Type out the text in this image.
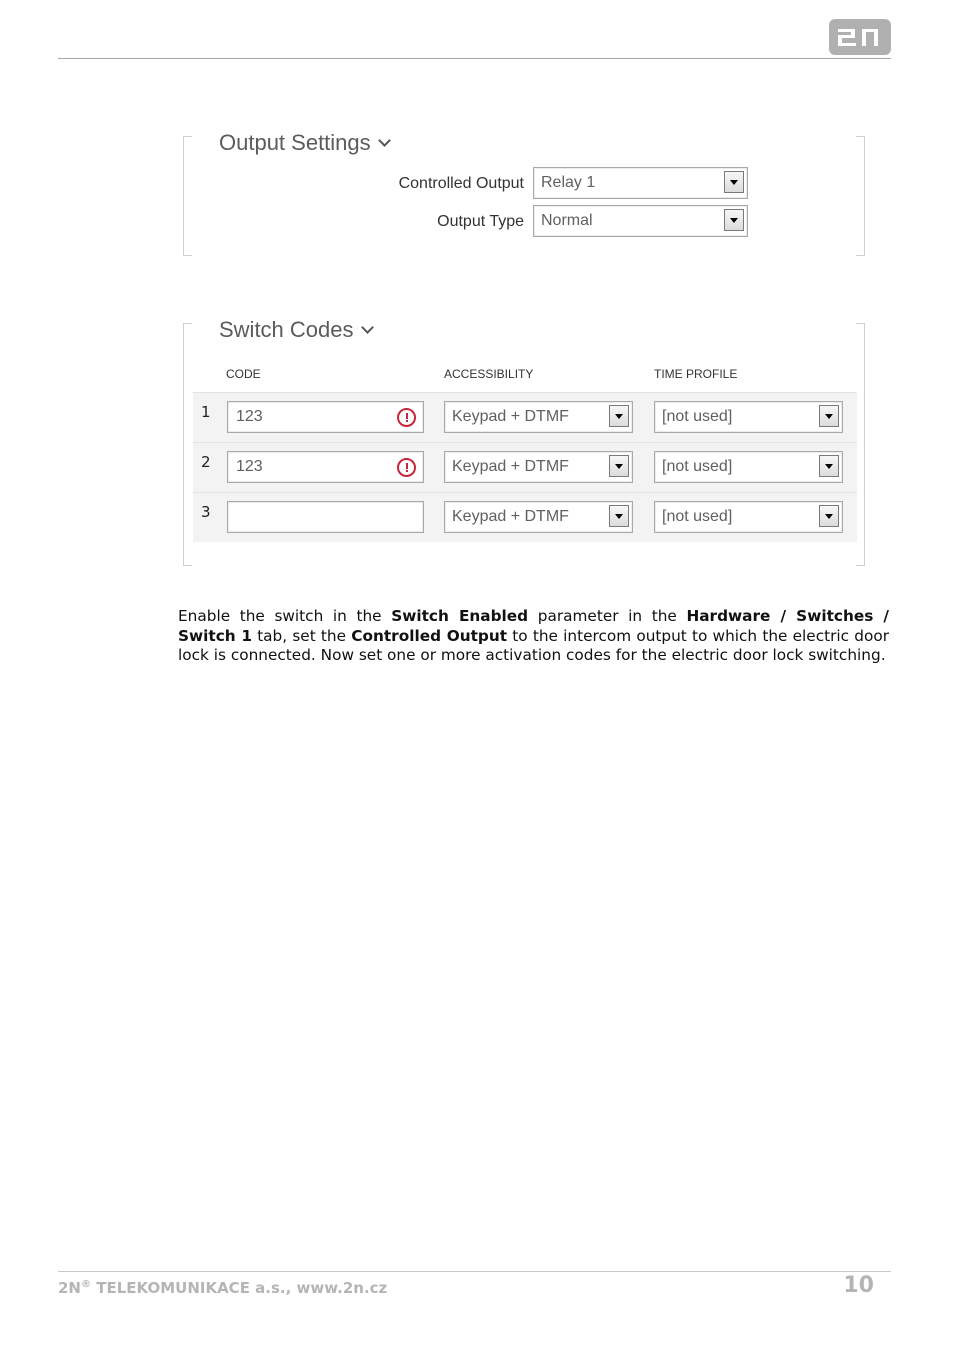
Output Settings
Controlled Output Relay 1
Output Type Normal
Switch Codes
CODE	ACCESSIBILITY	TIME PROFILE
1 123	Keypad + DTMF	[not used]
2 123	Keypad + DTMF	[not used]
3	Keypad + DTMF	[not used]

Enable the switch in the Switch Enabled parameter in the Hardware / Switches / Switch 1 tab, set the Controlled Output to the intercom output to which the electric door lock is connected. Now set one or more activation codes for the electric door lock switching.

2N® TELEKOMUNIKACE a.s., www.2n.cz	10
